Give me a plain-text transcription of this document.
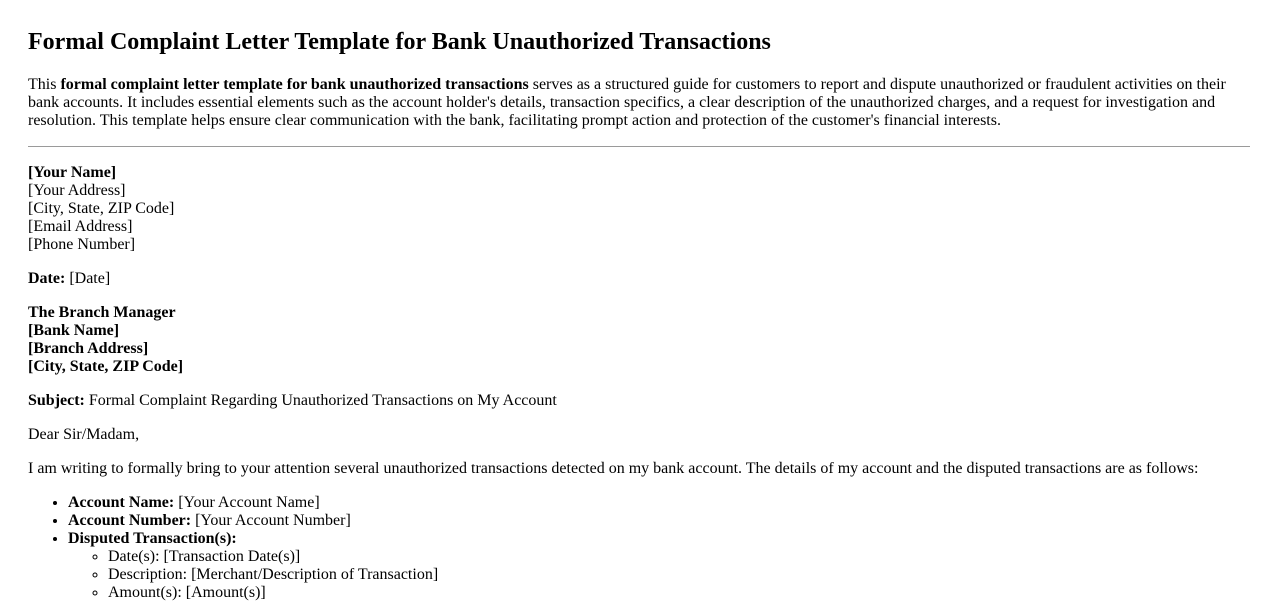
Formal Complaint Letter Template for Bank Unauthorized Transactions

This formal complaint letter template for bank unauthorized transactions serves as a structured guide for customers to report and dispute unauthorized or fraudulent activities on their bank accounts. It includes essential elements such as the account holder's details, transaction specifics, a clear description of the unauthorized charges, and a request for investigation and resolution. This template helps ensure clear communication with the bank, facilitating prompt action and protection of the customer's financial interests.

[Your Name]
[Your Address]
[City, State, ZIP Code]
[Email Address]
[Phone Number]

Date: [Date]

The Branch Manager
[Bank Name]
[Branch Address]
[City, State, ZIP Code]

Subject: Formal Complaint Regarding Unauthorized Transactions on My Account

Dear Sir/Madam,

I am writing to formally bring to your attention several unauthorized transactions detected on my bank account. The details of my account and the disputed transactions are as follows:

• Account Name: [Your Account Name]
• Account Number: [Your Account Number]
• Disputed Transaction(s):
◦ Date(s): [Transaction Date(s)]
◦ Description: [Merchant/Description of Transaction]
◦ Amount(s): [Amount(s)]
